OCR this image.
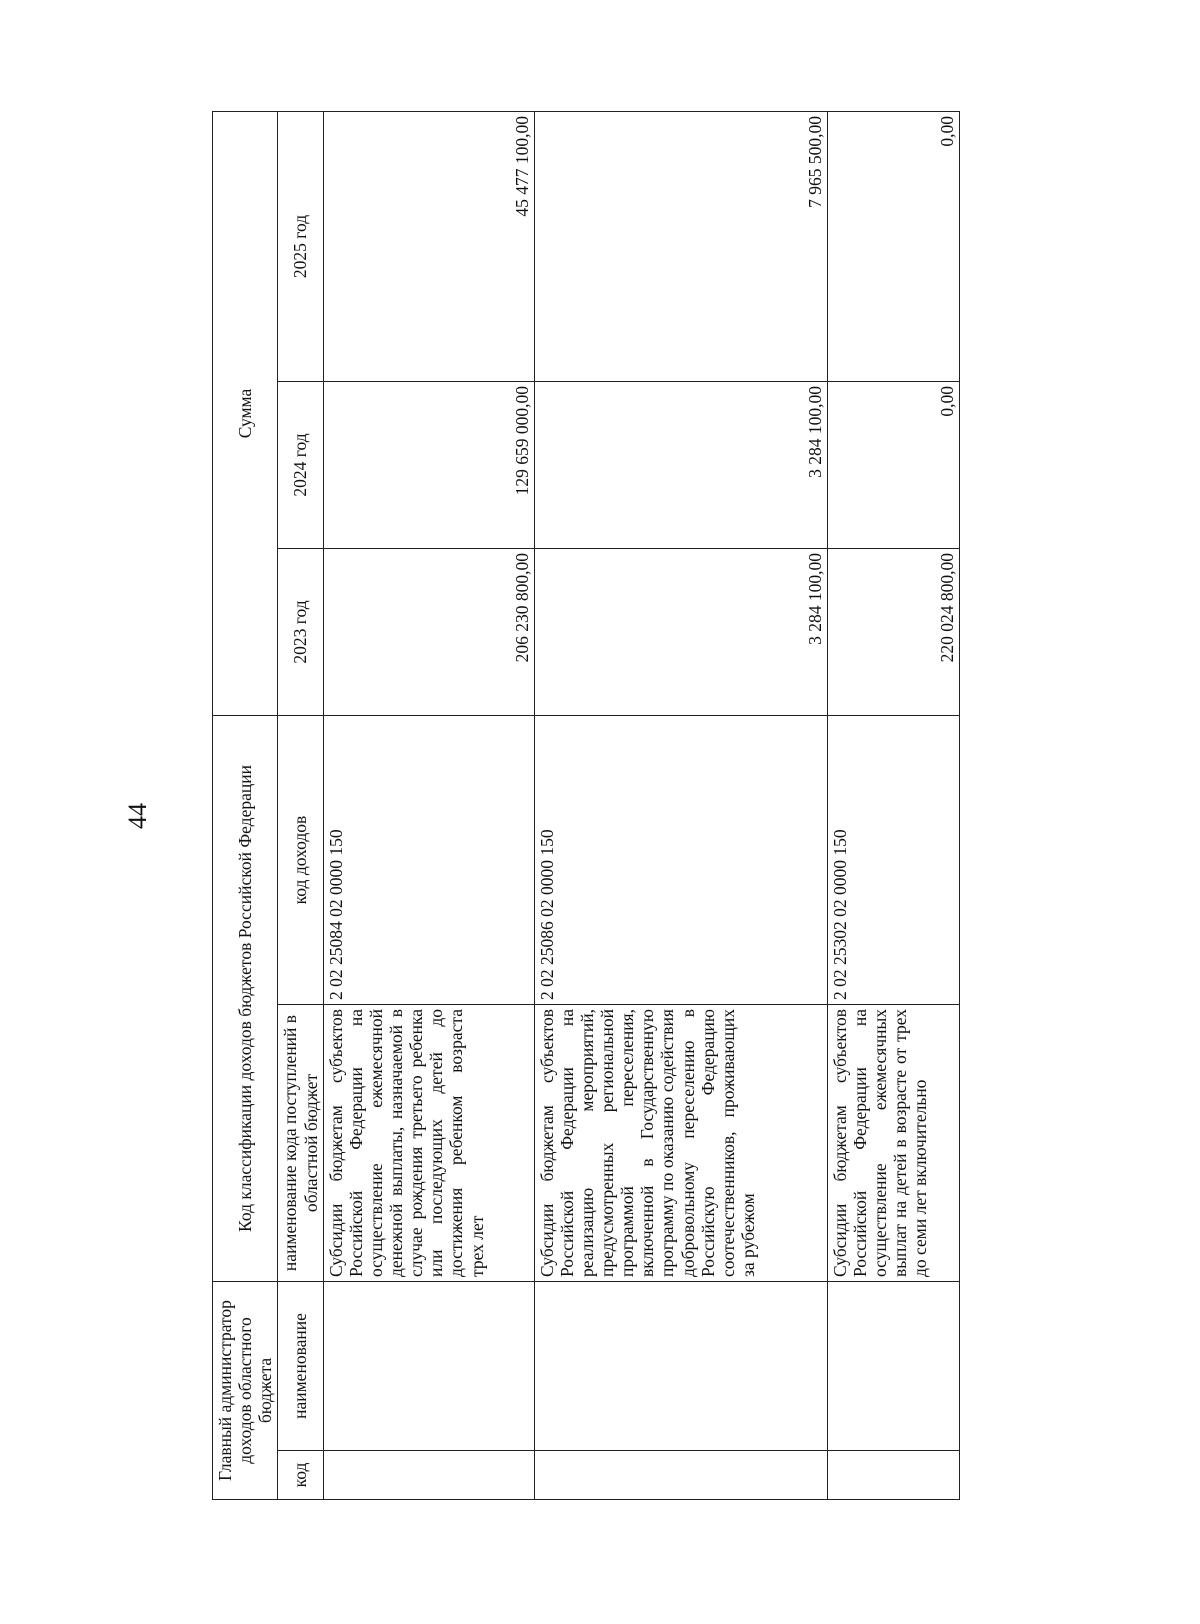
44
Главный администратор доходов областного бюджета		Код классификации доходов бюджетов Российской Федерации		Сумма		
код	наименование	наименование кода поступлений в областной бюджет	код доходов	2023 год	2024 год	2025 год
		Субсидии бюджетам субъектов Российской Федерации на осуществление ежемесячной денежной выплаты, назначаемой в случае рождения третьего ребенка или последующих детей до достижения ребенком возраста трех лет	2 02 25084 02 0000 150	206 230 800,00	129 659 000,00	45 477 100,00
		Субсидии бюджетам субъектов Российской Федерации на реализацию мероприятий, предусмотренных региональной программой переселения, включенной в Государственную программу по оказанию содействия добровольному переселению в Российскую Федерацию соотечественников, проживающих за рубежом	2 02 25086 02 0000 150	3 284 100,00	3 284 100,00	7 965 500,00
		Субсидии бюджетам субъектов Российской Федерации на осуществление ежемесячных выплат на детей в возрасте от трех до семи лет включительно	2 02 25302 02 0000 150	220 024 800,00	0,00	0,00
